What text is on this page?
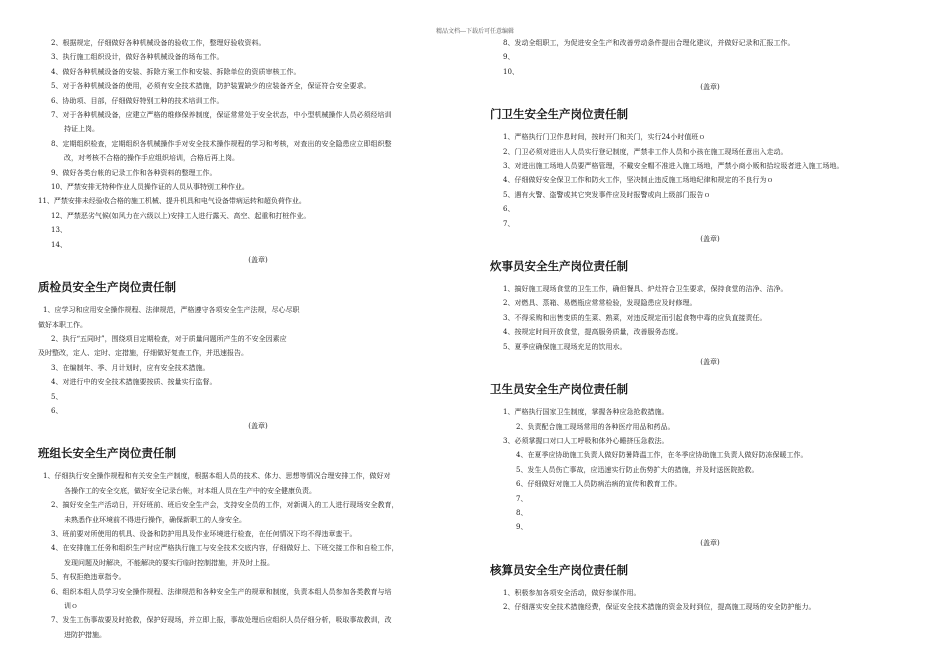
精品文档---下载后可任意编辑
2、根据规定，仔细做好各种机械设备的验收工作，整理好验收资料。
3、执行施工组织设计，做好各种机械设备的场布工作。
4、做好各种机械设备的安装、拆除方案工作和安装、拆除单位的资质审核工作。
5、对于各种机械设备的使用，必须有安全技术措施，防护装置缺少的应装备齐全，保证符合安全要求。
6、协助项、目部，仔细做好特别工种的技术培训工作。
7、对于各种机械设备，应建立严格的维修保养制度，保证常常处于安全状态，中小型机械操作人员必须经培训
持证上岗。
8、定期组织检查，定期组织各机械操作手对安全技术操作规程的学习和考核，对查出的安全隐患应立即组织整
改，对考核不合格的操作手应组织培训，合格后再上岗。
9、做好各类台帐的记录工作和各种资料的整理工作。
10、严禁安排无特种作业人员操作证的人员从事特别工种作业。
11、严禁安排未经验收合格的施工机械、提升机具和电气设备带病运转和超负荷作业。
12、严禁恶劣气候(如风力在六级以上)安排工人进行露天、高空、起重和打桩作业。
13、
14、
(盖章)
质检员安全生产岗位责任制
1、应学习和应用安全操作规程、法律规范，严格遵守各项安全生产法规，尽心尽职
做好本职工作。
2、执行“五同时”，围绕项目定期检查，对于质量问题所产生的不安全因素应
及时整改，定人、定时、定措施，仔细做好复查工作，并迅速报告。
3、在编制年、季、月计划时，应有安全技术措施。
4、对进行中的安全技术措施要按质、按量实行监督。
5、
6、
(盖章)
班组长安全生产岗位责任制
1、仔细执行安全操作规程和有关安全生产制度，根据本组人员的技术、体力、思想等情况合理安排工作，做好对
各操作工的安全交底，做好安全记录台帐，对本组人员在生产中的安全健康负责。
2、搞好安全生产活动日，开好班前、班后安全生产会，支持安全员的工作，对新调入的工人进行现场安全教育，
未熟悉作业环境前不得进行操作，确保新职工的人身安全。
3、班前要对所使用的机具、设备和防护用具及作业环境进行检查，在任何情况下均不得违章蛮干。
4、在安排施工任务和组织生产时应严格执行施工与安全技术交底内容，仔细做好上、下班交接工作和自检工作，
发现问题及时解决，不能解决的要实行临时控制措施，并及时上报。
5、有权拒绝违章指令。
6、组织本组人员学习安全操作规程、法律规范和各种安全生产的规章和制度，负责本组人员参加各类教育与培
训ｏ
7、发生工伤事故要及时抢救，保护好现场，并立即上报，事故处理后应组织人员仔细分析，吸取事故教训，改
进防护措施。
8、发动全组职工，为促进安全生产和改善劳动条件提出合理化建议，并做好记录和汇报工作。
9、
10、
(盖章)
门卫生安全生产岗位责任制
1、严格执行门卫作息时间，按时开门和关门，实行24小时值班ｏ
2、门卫必须对进出人人员实行登记制度，严禁非工作人员和小孩在施工现场任意出入走动。
3、对进出施工场地人员要严格管理，不戴安全帽不准进入施工场地，严禁小商小贩和拾垃圾者进入施工场地。
4、仔细做好安全保卫工作和防火工作，坚决制止违反施工场地纪律和规定的不良行为ｏ
5、遇有火警、盗警或其它突发事件应及时报警或向上级部门报告ｏ
6、
7、
(盖章)
炊事员安全生产岗位责任制
1、搞好施工现场食堂的卫生工作，确但餐具、炉灶符合卫生要求，保持食堂的洁净、洁净。
2、对燃具、蒸箱、易燃瓶应常常检验，发现隐患应及时修理。
3、不得采购和出售变质的生菜、熟菜，对违反规定而引起食物中毒的应负直接责任。
4、按规定时间开放食堂，提高服务质量，改善服务态度。
5、夏季应确保施工现场充足的饮用水。
(盖章)
卫生员安全生产岗位责任制
1、严格执行国家卫生制度，掌握各种应急抢救措施。
2、负责配合施工现场常用的各种医疗用品和药品。
3、必须掌握口对口人工呼吸和体外心睡挤压急救法。
4、在夏季应协助施工负责人做好防暑降温工作，在冬季应协助施工负责人做好防冻保暖工作。
5、发生人员伤亡事故，应迅速实行防止伤势扩大的措施，并及时送医院抢救。
6、仔细做好对施工人员防病治病的宣传和教育工作。
7、
8、
9、
(盖章)
核算员安全生产岗位责任制
1、积极参加各项安全活动，做好参谋作用。
2、仔细落实安全技术措施经费，保证安全技术措施的资金及时到位，提高施工现场的安全防护能力。
